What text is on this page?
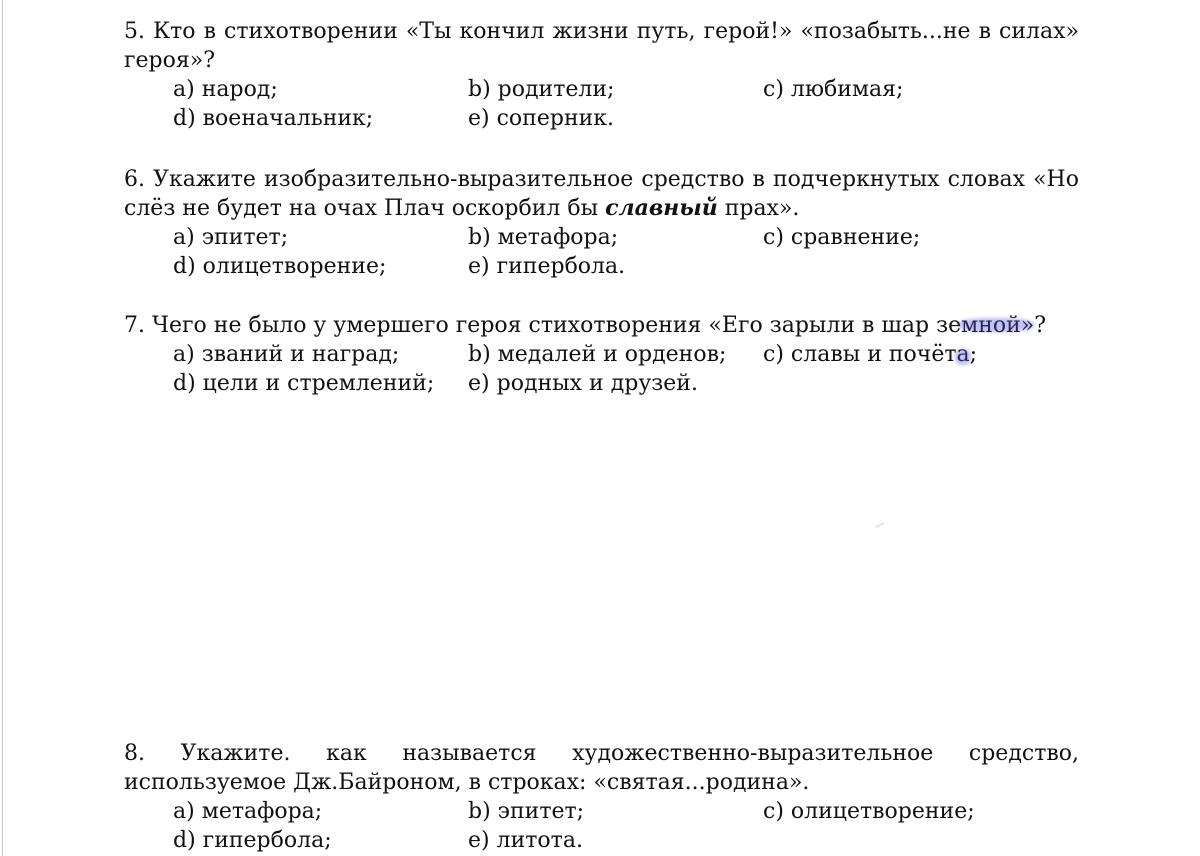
5. Кто в стихотворении «Ты кончил жизни путь, герой!» «позабыть...не в силах» героя»?

a) народ;	b) родители;	c) любимая;
d) военачальник;	e) соперник.

6. Укажите изобразительно-выразительное средство в подчеркнутых словах «Но слёз не будет на очах Плач оскорбил бы славный прах».

a) эпитет;	b) метафора;	c) сравнение;
d) олицетворение;	e) гипербола.

7. Чего не было у умершего героя стихотворения «Его зарыли в шар земной»?

a) званий и наград;	b) медалей и орденов; c) славы и почёта;
d) цели и стремлений; e) родных и друзей.

8. Укажите. как называется художественно-выразительное средство, используемое Дж.Байроном, в строках: «святая...родина».

a) метафора;	b) эпитет;	c) олицетворение;
d) гипербола;	e) литота.
